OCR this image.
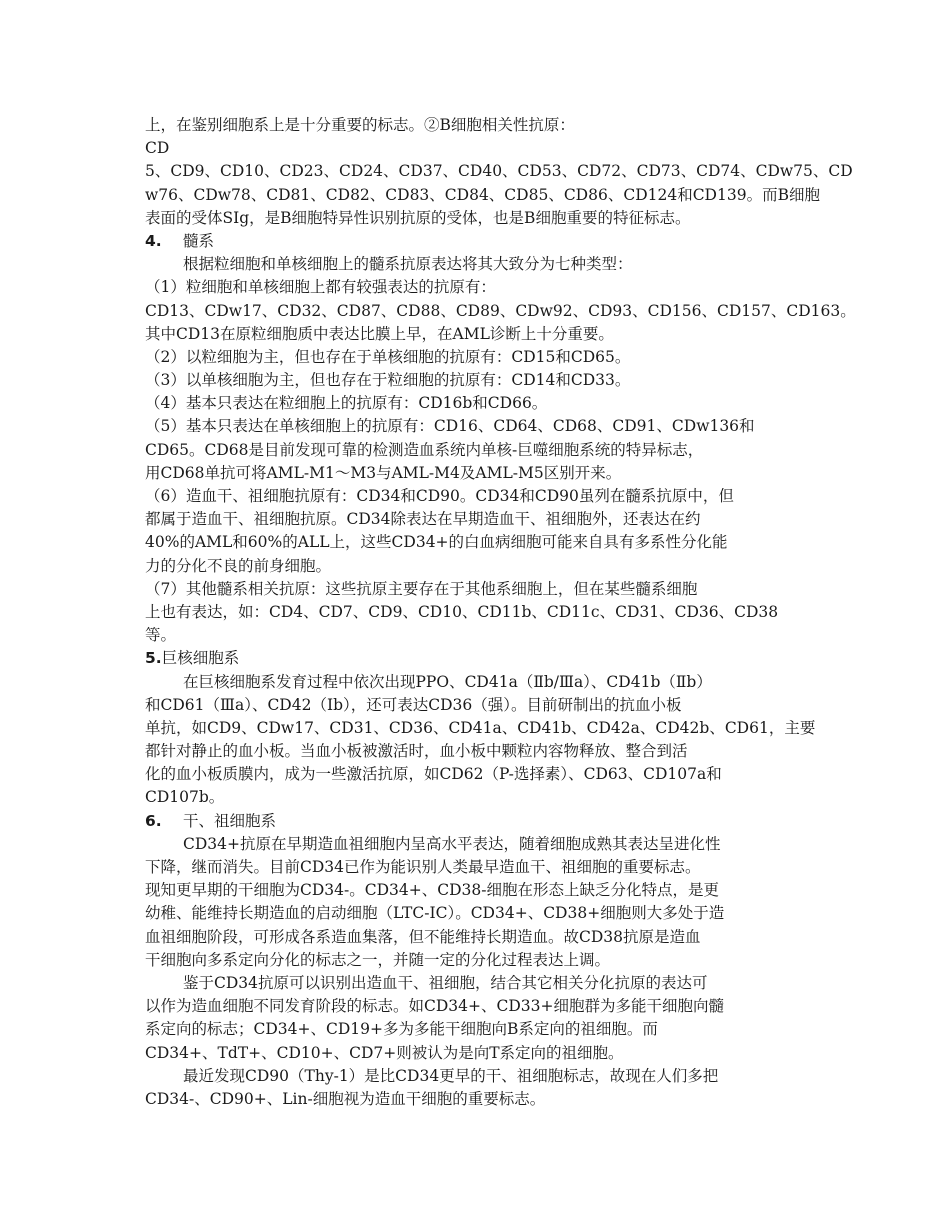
上，在鉴别细胞系上是十分重要的标志。②B细胞相关性抗原：
CD
5、CD9、CD10、CD23、CD24、CD37、CD40、CD53、CD72、CD73、CD74、CDw75、CD
w76、CDw78、CD81、CD82、CD83、CD84、CD85、CD86、CD124和CD139。而B细胞
表面的受体SIg，是B细胞特异性识别抗原的受体，也是B细胞重要的特征标志。
4. 髓系
根据粒细胞和单核细胞上的髓系抗原表达将其大致分为七种类型：
（1）粒细胞和单核细胞上都有较强表达的抗原有：
CD13、CDw17、CD32、CD87、CD88、CD89、CDw92、CD93、CD156、CD157、CD163。
其中CD13在原粒细胞质中表达比膜上早，在AML诊断上十分重要。
（2）以粒细胞为主，但也存在于单核细胞的抗原有：CD15和CD65。
（3）以单核细胞为主，但也存在于粒细胞的抗原有：CD14和CD33。
（4）基本只表达在粒细胞上的抗原有：CD16b和CD66。
（5）基本只表达在单核细胞上的抗原有：CD16、CD64、CD68、CD91、CDw136和
CD65。CD68是目前发现可靠的检测造血系统内单核-巨噬细胞系统的特异标志，
用CD68单抗可将AML-M1～M3与AML-M4及AML-M5区别开来。
（6）造血干、祖细胞抗原有：CD34和CD90。CD34和CD90虽列在髓系抗原中，但
都属于造血干、祖细胞抗原。CD34除表达在早期造血干、祖细胞外，还表达在约
40%的AML和60%的ALL上，这些CD34+的白血病细胞可能来自具有多系性分化能
力的分化不良的前身细胞。
（7）其他髓系相关抗原：这些抗原主要存在于其他系细胞上，但在某些髓系细胞
上也有表达，如：CD4、CD7、CD9、CD10、CD11b、CD11c、CD31、CD36、CD38
等。
5.巨核细胞系
在巨核细胞系发育过程中依次出现PPO、CD41a（Ⅱb/Ⅲa）、CD41b（Ⅱb）
和CD61（Ⅲa）、CD42（Ⅰb），还可表达CD36（强）。目前研制出的抗血小板
单抗，如CD9、CDw17、CD31、CD36、CD41a、CD41b、CD42a、CD42b、CD61，主要
都针对静止的血小板。当血小板被激活时，血小板中颗粒内容物释放、整合到活
化的血小板质膜内，成为一些激活抗原，如CD62（P-选择素）、CD63、CD107a和
CD107b。
6. 干、祖细胞系
CD34+抗原在早期造血祖细胞内呈高水平表达，随着细胞成熟其表达呈进化性
下降，继而消失。目前CD34已作为能识别人类最早造血干、祖细胞的重要标志。
现知更早期的干细胞为CD34-。CD34+、CD38-细胞在形态上缺乏分化特点，是更
幼稚、能维持长期造血的启动细胞（LTC-IC）。CD34+、CD38+细胞则大多处于造
血祖细胞阶段，可形成各系造血集落，但不能维持长期造血。故CD38抗原是造血
干细胞向多系定向分化的标志之一，并随一定的分化过程表达上调。
鉴于CD34抗原可以识别出造血干、祖细胞，结合其它相关分化抗原的表达可
以作为造血细胞不同发育阶段的标志。如CD34+、CD33+细胞群为多能干细胞向髓
系定向的标志；CD34+、CD19+多为多能干细胞向B系定向的祖细胞。而
CD34+、TdT+、CD10+、CD7+则被认为是向T系定向的祖细胞。
最近发现CD90（Thy-1）是比CD34更早的干、祖细胞标志，故现在人们多把
CD34-、CD90+、Lin-细胞视为造血干细胞的重要标志。
